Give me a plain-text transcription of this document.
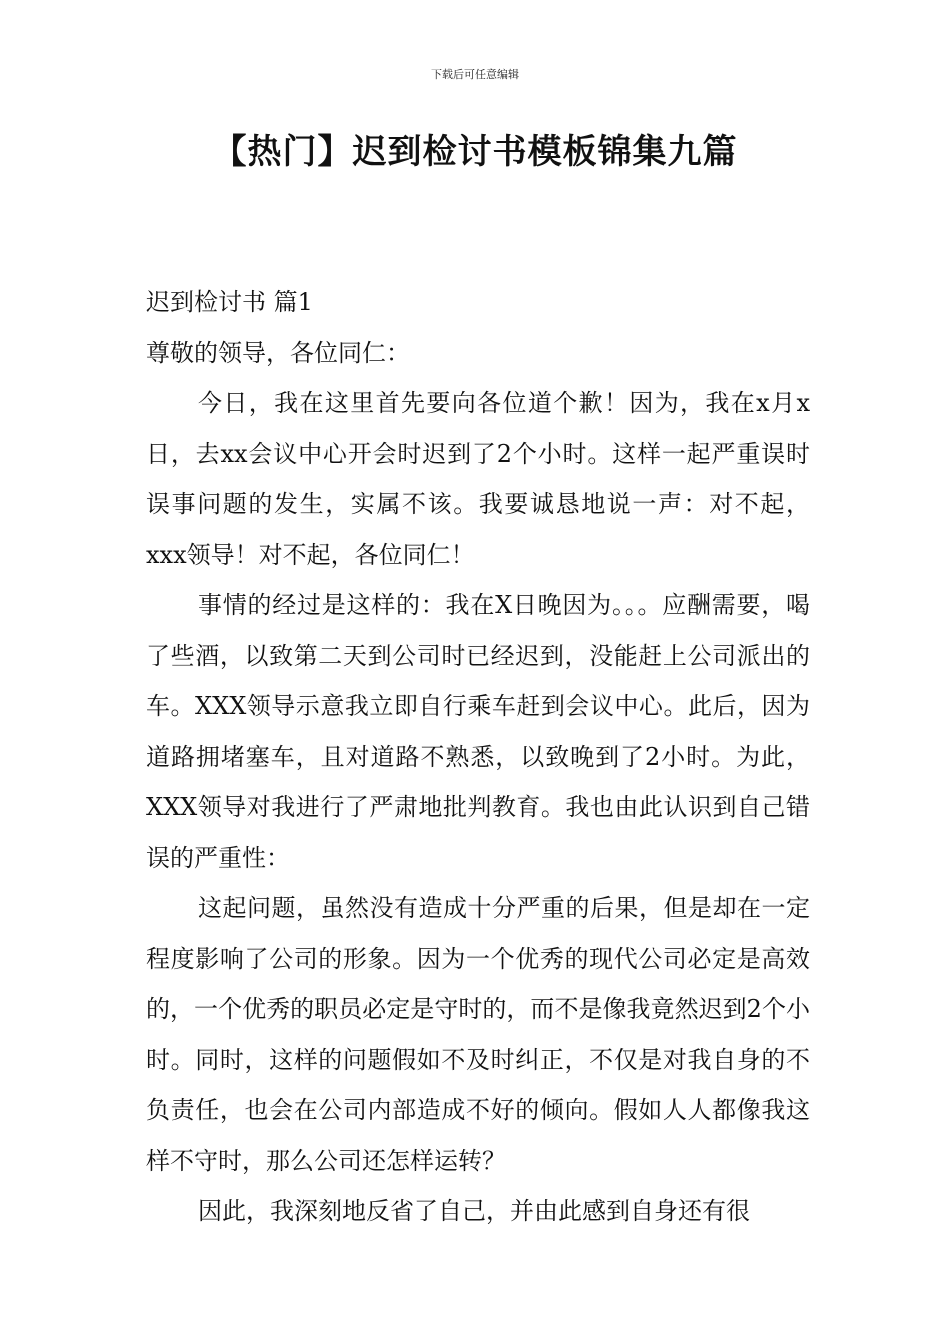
下载后可任意编辑
【热门】迟到检讨书模板锦集九篇

迟到检讨书 篇1

尊敬的领导，各位同仁：

今日，我在这里首先要向各位道个歉！因为，我在x月x日，去xx会议中心开会时迟到了2个小时。这样一起严重误时误事问题的发生，实属不该。我要诚恳地说一声：对不起，xxx领导！对不起，各位同仁！

事情的经过是这样的：我在X日晚因为。。。应酬需要，喝了些酒，以致第二天到公司时已经迟到，没能赶上公司派出的车。XXX领导示意我立即自行乘车赶到会议中心。此后，因为道路拥堵塞车，且对道路不熟悉，以致晚到了2小时。为此，XXX领导对我进行了严肃地批判教育。我也由此认识到自己错误的严重性：

这起问题，虽然没有造成十分严重的后果，但是却在一定程度影响了公司的形象。因为一个优秀的现代公司必定是高效的，一个优秀的职员必定是守时的，而不是像我竟然迟到2个小时。同时，这样的问题假如不及时纠正，不仅是对我自身的不负责任，也会在公司内部造成不好的倾向。假如人人都像我这样不守时，那么公司还怎样运转？

因此，我深刻地反省了自己，并由此感到自身还有很
